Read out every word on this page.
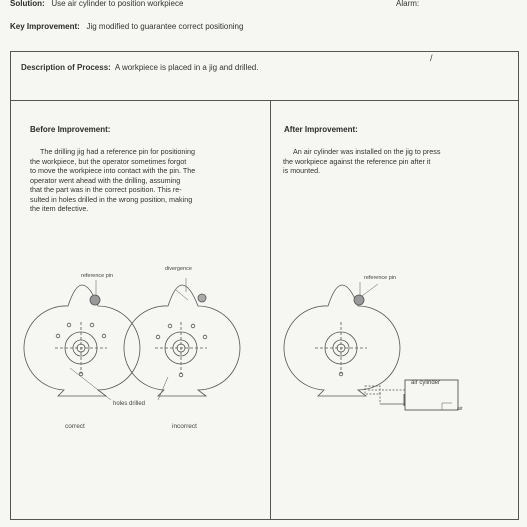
Solution: Use air cylinder to position workpiece	Alarm:
Key Improvement: Jig modified to guarantee correct positioning
Description of Process: A workpiece is placed in a jig and drilled.
Before Improvement:	After Improvement:
The drilling jig had a reference pin for positioning
the workpiece, but the operator sometimes forgot
to move the workpiece into contact with the pin. The
operator went ahead with the drilling, assuming
that the part was in the correct position. This re-
sulted in holes drilled in the wrong position, making
the item defective.
An air cylinder was installed on the jig to press
the workpiece against the reference pin after it
is mounted.
reference pin
divergence
holes drilled
correct	incorrect
reference pin
air cylinder
air
/
